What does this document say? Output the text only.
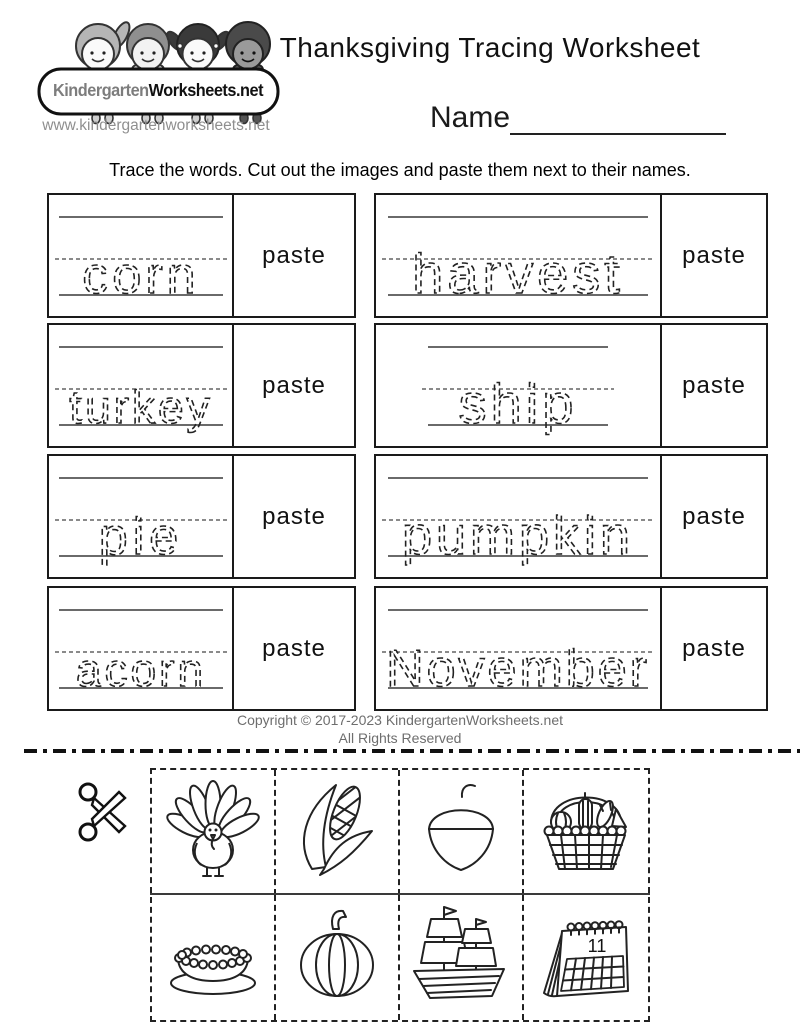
KindergartenWorksheets.net
www.kindergartenworksheets.net
Thanksgiving Tracing Worksheet
Name
Trace the words. Cut out the images and paste them next to their names.
corn	paste harvest paste
turkey paste ship	paste
pie	paste pumpkin paste
acorn paste November paste
Copyright © 2017-2023 KindergartenWorksheets.net
All Rights Reserved
11
